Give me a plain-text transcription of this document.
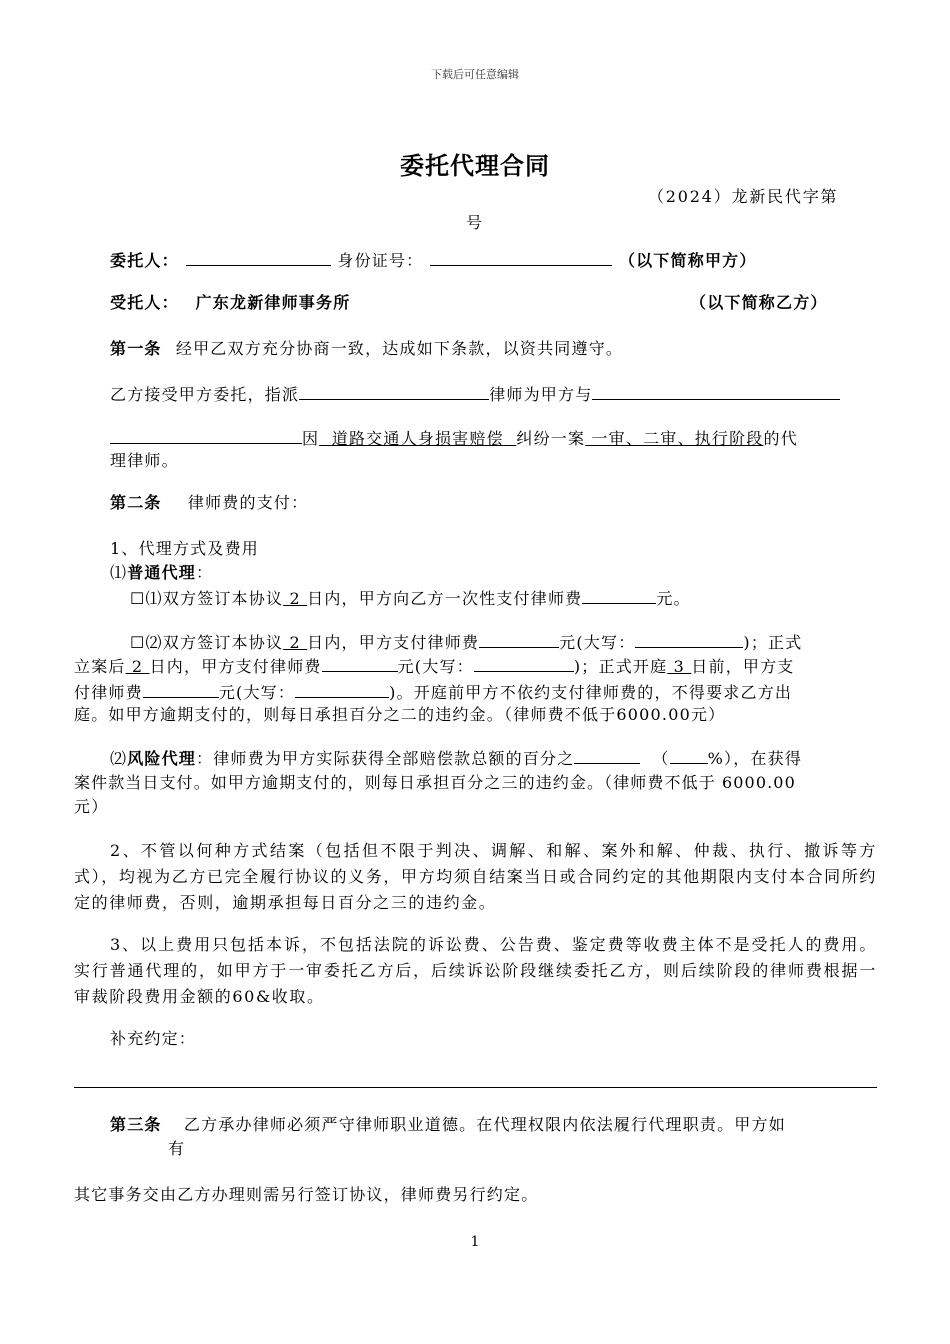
下载后可任意编辑
委托代理合同
（2024）龙新民代字第
号
委托人：	身份证号：	（以下简称甲方）
受托人： 广东龙新律师事务所	（以下简称乙方）
第一条 经甲乙双方充分协商一致，达成如下条款，以资共同遵守。
乙方接受甲方委托，指派	律师为甲方与
因 道路交通人身损害赔偿 纠纷一案 一审、二审、执行阶段的代
理律师。
第二条 律师费的支付：
1、代理方式及费用
⑴普通代理：
☐⑴双方签订本协议 2 日内，甲方向乙方一次性支付律师费	元。
☐⑵双方签订本协议 2 日内，甲方支付律师费	元(大写：	)；正式
立案后 2 日内，甲方支付律师费	元(大写：	)；正式开庭 3 日前，甲方支
付律师费	元(大写：	)。开庭前甲方不依约支付律师费的，不得要求乙方出
庭。如甲方逾期支付的，则每日承担百分之二的违约金。（律师费不低于6000.00元）
⑵风险代理：律师费为甲方实际获得全部赔偿款总额的百分之	（ %），在获得
案件款当日支付。如甲方逾期支付的，则每日承担百分之三的违约金。（律师费不低于 6000.00
元）
2、不管以何种方式结案（包括但不限于判决、调解、和解、案外和解、仲裁、执行、撤诉等方式），均视为乙方已完全履行协议的义务，甲方均须自结案当日或合同约定的其他期限内支付本合同所约定的律师费，否则，逾期承担每日百分之三的违约金。
3、以上费用只包括本诉，不包括法院的诉讼费、公告费、鉴定费等收费主体不是受托人的费用。实行普通代理的，如甲方于一审委托乙方后，后续诉讼阶段继续委托乙方，则后续阶段的律师费根据一审裁阶段费用金额的60&收取。
补充约定：
第三条 乙方承办律师必须严守律师职业道德。在代理权限内依法履行代理职责。甲方如
有
其它事务交由乙方办理则需另行签订协议，律师费另行约定。
1
